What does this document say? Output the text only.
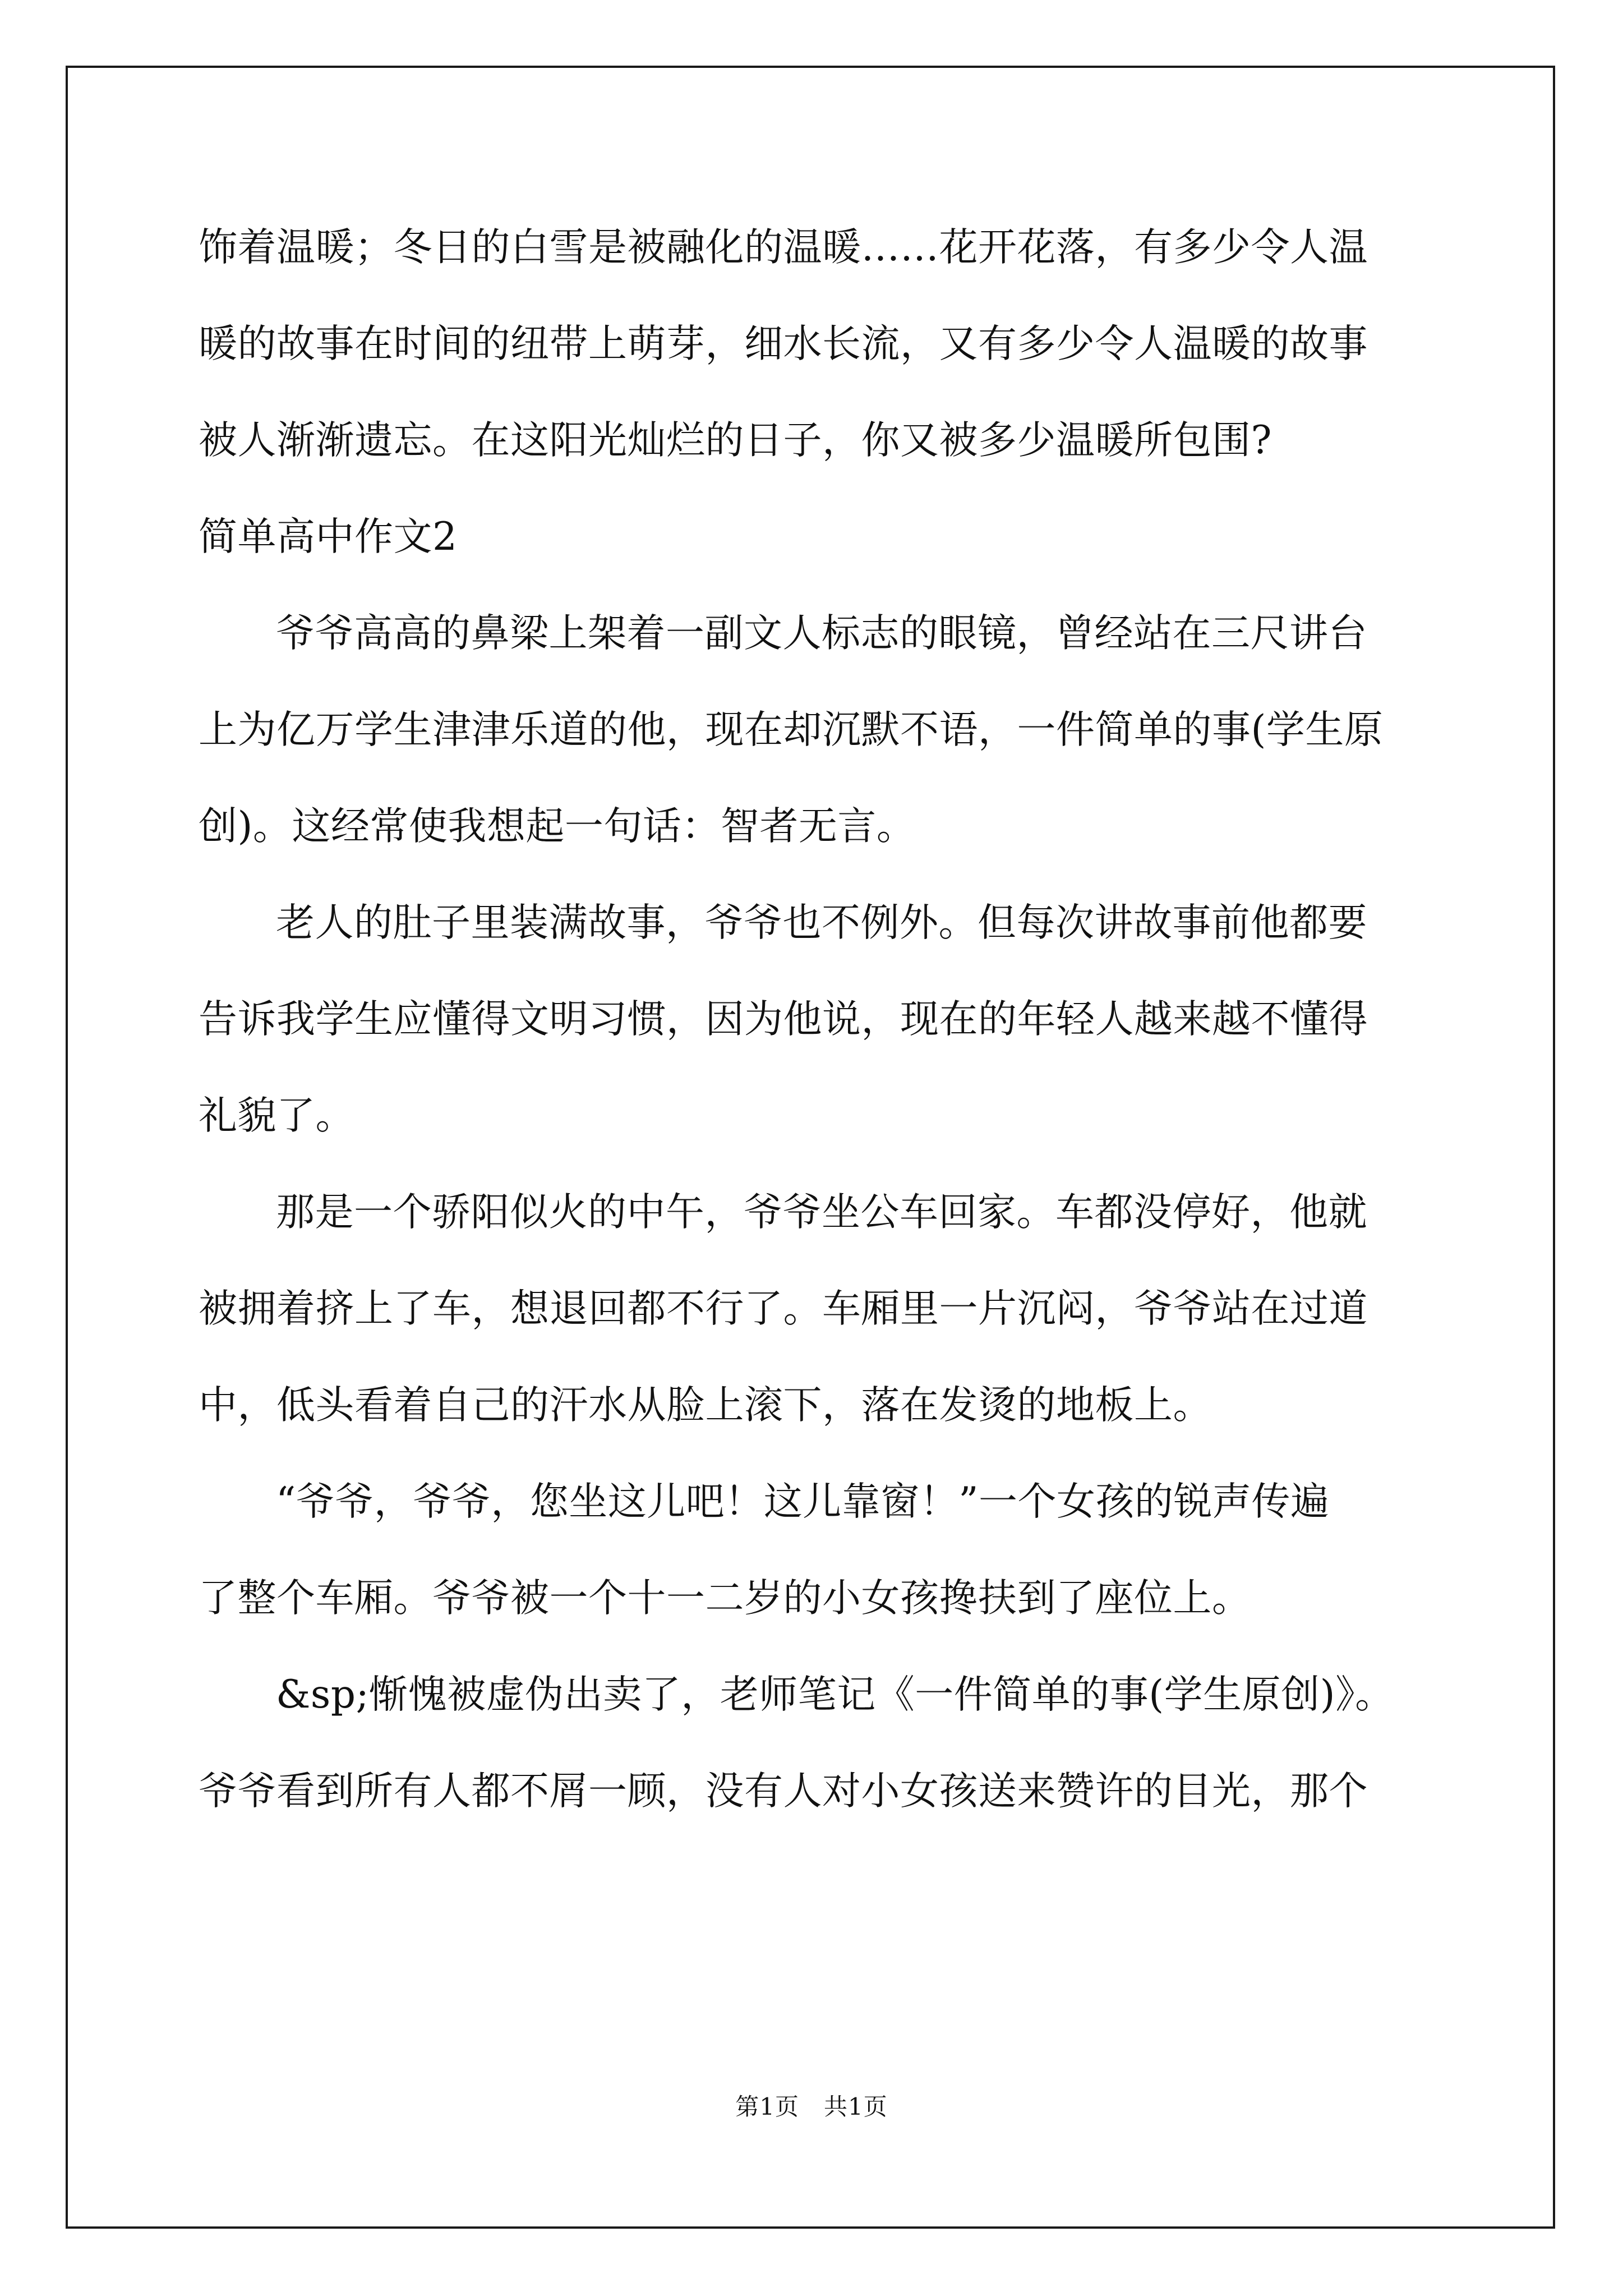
饰着温暖；冬日的白雪是被融化的温暖……花开花落，有多少令人温
暖的故事在时间的纽带上萌芽，细水长流，又有多少令人温暖的故事
被人渐渐遗忘。在这阳光灿烂的日子，你又被多少温暖所包围?
简单高中作文2
爷爷高高的鼻梁上架着一副文人标志的眼镜，曾经站在三尺讲台
上为亿万学生津津乐道的他，现在却沉默不语，一件简单的事(学生原
创)。这经常使我想起一句话：智者无言。
老人的肚子里装满故事，爷爷也不例外。但每次讲故事前他都要
告诉我学生应懂得文明习惯，因为他说，现在的年轻人越来越不懂得
礼貌了。
那是一个骄阳似火的中午，爷爷坐公车回家。车都没停好，他就
被拥着挤上了车，想退回都不行了。车厢里一片沉闷，爷爷站在过道
中，低头看着自己的汗水从脸上滚下，落在发烫的地板上。
“爷爷，爷爷，您坐这儿吧！这儿靠窗！”一个女孩的锐声传遍
了整个车厢。爷爷被一个十一二岁的小女孩搀扶到了座位上。
&sp;惭愧被虚伪出卖了，老师笔记《一件简单的事(学生原创)》。
爷爷看到所有人都不屑一顾，没有人对小女孩送来赞许的目光，那个
第1页 共1页
